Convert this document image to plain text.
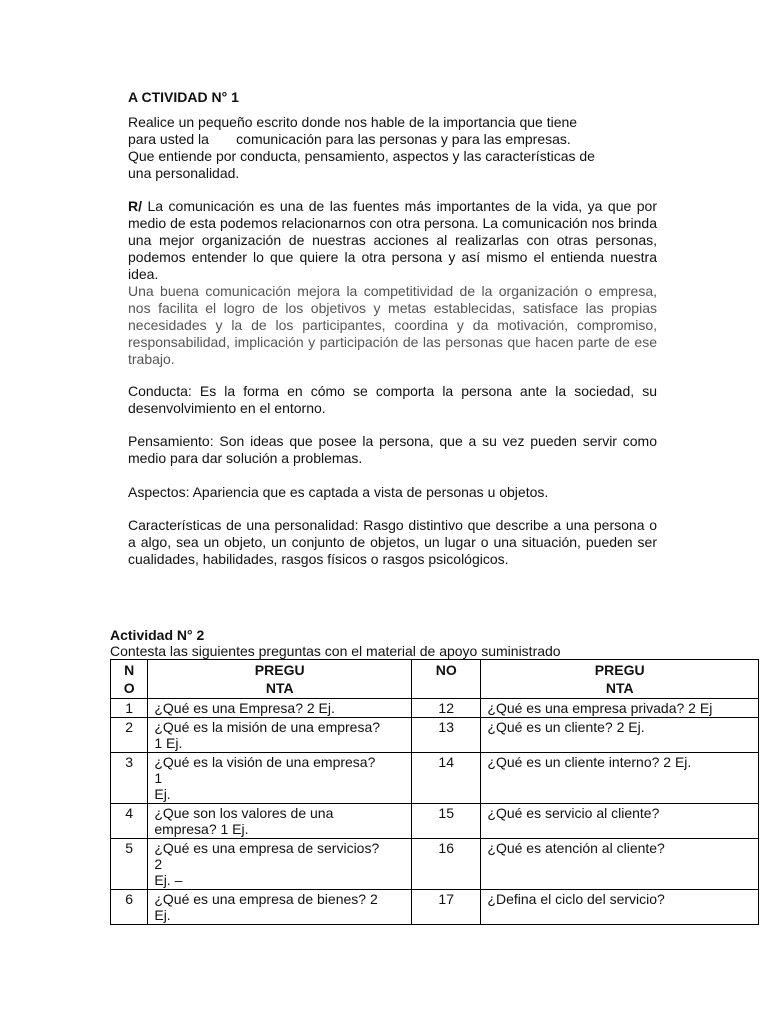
A CTIVIDAD N° 1
Realice un pequeño escrito donde nos hable de la importancia que tiene
para usted la       comunicación para las personas y para las empresas.
Que entiende por conducta, pensamiento, aspectos y las características de
una personalidad.
R/ La comunicación es una de las fuentes más importantes de la vida, ya que por medio de esta podemos relacionarnos con otra persona. La comunicación nos brinda una mejor organización de nuestras acciones al realizarlas con otras personas, podemos entender lo que quiere la otra persona y así mismo el entienda nuestra idea.
Una buena comunicación mejora la competitividad de la organización o empresa, nos facilita el logro de los objetivos y metas establecidas, satisface las propias necesidades y la de los participantes, coordina y da motivación, compromiso, responsabilidad, implicación y participación de las personas que hacen parte de ese trabajo.
Conducta: Es la forma en cómo se comporta la persona ante la sociedad, su desenvolvimiento en el entorno.
Pensamiento: Son ideas que posee la persona, que a su vez pueden servir como medio para dar solución a problemas.
Aspectos: Apariencia que es captada a vista de personas u objetos.
Características de una personalidad: Rasgo distintivo que describe a una persona o a algo, sea un objeto, un conjunto de objetos, un lugar o una situación, pueden ser cualidades, habilidades, rasgos físicos o rasgos psicológicos.
Actividad N° 2
Contesta las siguientes preguntas con el material de apoyo suministrado
N
O	PREGU
NTA	NO	PREGU
NTA
1	¿Qué es una Empresa? 2 Ej.	12	¿Qué es una empresa privada? 2 Ej
2	¿Qué es la misión de una empresa?
1 Ej.	13	¿Qué es un cliente? 2 Ej.
3	¿Qué es la visión de una empresa?
1
Ej.	14	¿Qué es un cliente interno? 2 Ej.
4	¿Que son los valores de una
empresa? 1 Ej.	15	¿Qué es servicio al cliente?
5	¿Qué es una empresa de servicios?
2
Ej. –	16	¿Qué es atención al cliente?
6	¿Qué es una empresa de bienes? 2
Ej.	17	¿Defina el ciclo del servicio?
